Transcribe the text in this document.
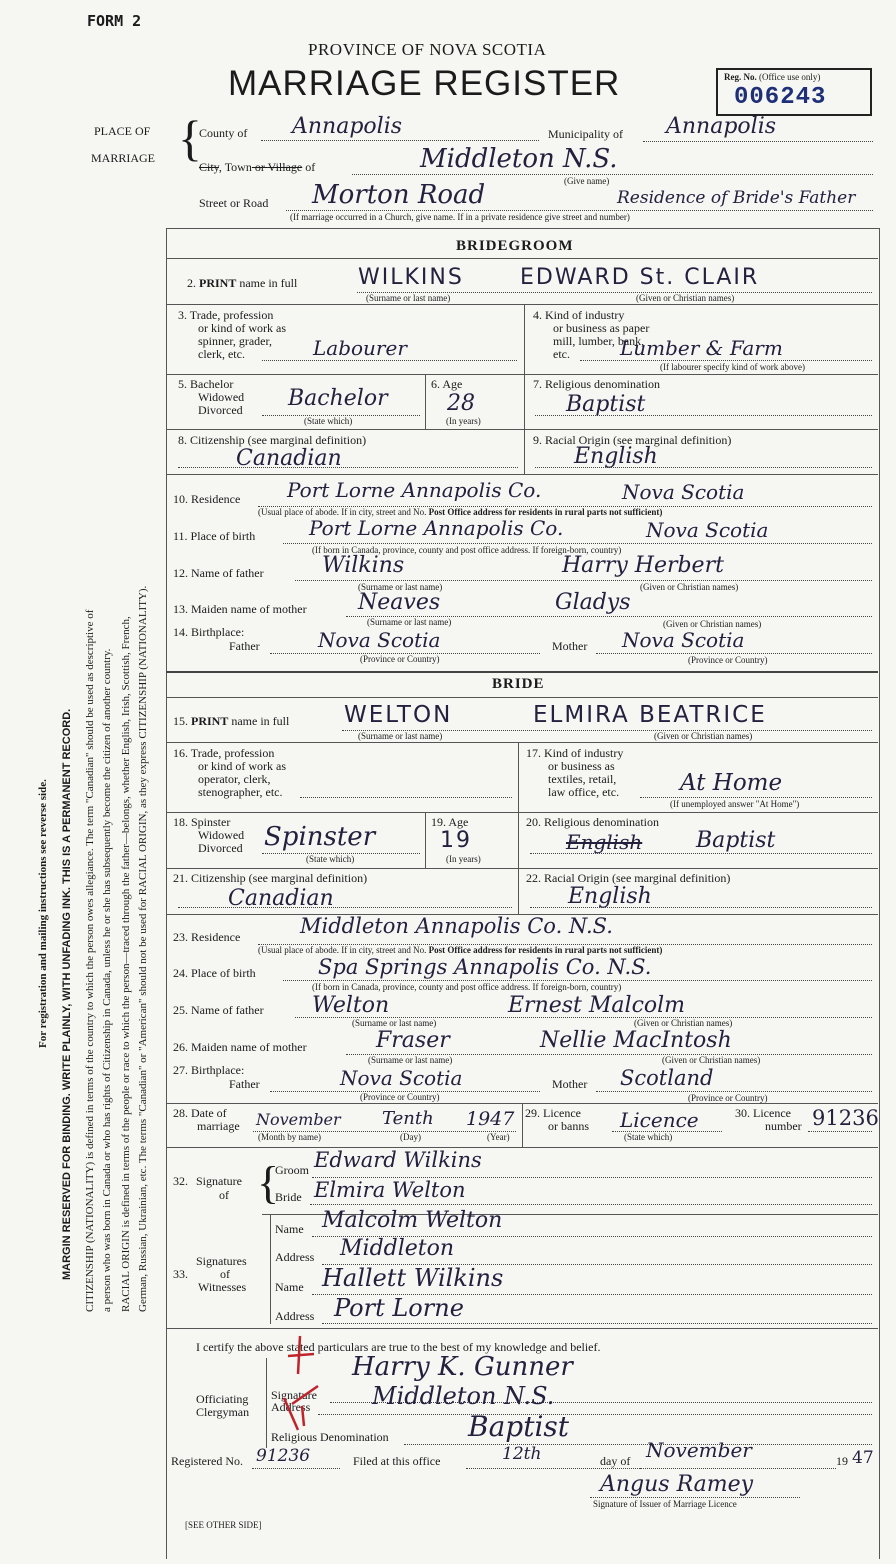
FORM 2
PROVINCE OF NOVA SCOTIA
MARRIAGE REGISTER	Reg. No. (Office use only)
006243
PLACE OF
MARRIAGE {
County of Annapolis	Municipality of Annapolis
City, Town or Village of	Middleton N.S.
(Give name)
Street or Road Morton Road	Residence of Bride's Father
(If marriage occurred in a Church, give name. If in a private residence give street and number)
BRIDEGROOM
2. PRINT name in full	WILKINS	EDWARD St. CLAIR
(Surname or last name)	(Given or Christian names)
3. Trade, profession
or kind of work as
spinner, grader,
clerk, etc.	Labourer
4. Kind of industry
or business as paper
mill, lumber, bank,
etc.	Lumber & Farm
(If labourer specify kind of work above)
5. Bachelor
Widowed
Divorced Bachelor
(State which)
6. Age
28
(In years)
7. Religious denomination
Baptist
8. Citizenship (see marginal definition)
Canadian
9. Racial Origin (see marginal definition)
English
10. Residence Port Lorne Annapolis Co.	Nova Scotia
(Usual place of abode. If in city, street and No. Post Office address for residents in rural parts not sufficient)
11. Place of birth	Port Lorne Annapolis Co.	Nova Scotia
(If born in Canada, province, county and post office address. If foreign-born, country)
12. Name of father	Wilkins	Harry Herbert
(Surname or last name)	(Given or Christian names)
13. Maiden name of mother Neaves	Gladys
(Surname or last name)	(Given or Christian names)
14. Birthplace:
Father	Nova Scotia
(Province or Country)
Mother Nova Scotia
(Province or Country)
BRIDE
15. PRINT name in full WELTON	ELMIRA BEATRICE
(Surname or last name)	(Given or Christian names)
16. Trade, profession
or kind of work as
operator, clerk,
stenographer, etc.
17. Kind of industry
or business as
textiles, retail,
law office, etc.	At Home
(If unemployed answer "At Home")
18. Spinster
Widowed
Divorced Spinster
(State which)
19. Age
19
(In years)
20. Religious denomination
English Baptist
21. Citizenship (see marginal definition)
Canadian
22. Racial Origin (see marginal definition)
English
23. Residence	Middleton Annapolis Co. N.S.
(Usual place of abode. If in city, street and No. Post Office address for residents in rural parts not sufficient)
24. Place of birth	Spa Springs Annapolis Co. N.S.
(If born in Canada, province, county and post office address. If foreign-born, country)
25. Name of father Welton	Ernest Malcolm
(Surname or last name)	(Given or Christian names)
26. Maiden name of mother	Fraser	Nellie MacIntosh
(Surname or last name)	(Given or Christian names)
27. Birthplace:
Father	Nova Scotia
(Province or Country)
Mother Scotland
(Province or Country)
28. Date of
marriage November Tenth 1947
(Month by name)	(Day)	(Year)
29. Licence
or banns Licence
(State which)
30. Licence
number 91236
32. Signature
of {
Groom Edward Wilkins
Bride Elmira Welton
Signatures
of
33.
Witnesses
Name Malcolm Welton
Address Middleton
Name Hallett Wilkins
Address Port Lorne
I certify the above stated particulars are true to the best of my knowledge and belief.
Officiating
Clergyman
Signature
Harry K. Gunner
Address	Middleton N.S.
Religious Denomination	Baptist
Registered No. 91236	Filed at this office	12th	day of November	19 47
Angus Ramey
Signature of Issuer of Marriage Licence
[SEE OTHER SIDE]
For registration and mailing instructions see reverse side. MARGIN RESERVED FOR BINDING. WRITE PLAINLY, WITH UNFADING INK. THIS IS A PERMANENT RECORD. CITIZENSHIP (NATIONALITY) is defined in terms of the country to which the person owes allegiance. The term "Canadian" should be used as descriptive of a person who was born in Canada or who has rights of Citizenship in Canada, unless he or she has subsequently become the citizen of another country. RACIAL ORIGIN is defined in terms of the people or race to which the person—traced through the father—belongs, whether English, Irish, Scottish, French, German, Russian, Ukrainian, etc. The terms "Canadian" or "American" should not be used for RACIAL ORIGIN, as they express CITIZENSHIP (NATIONALITY).
